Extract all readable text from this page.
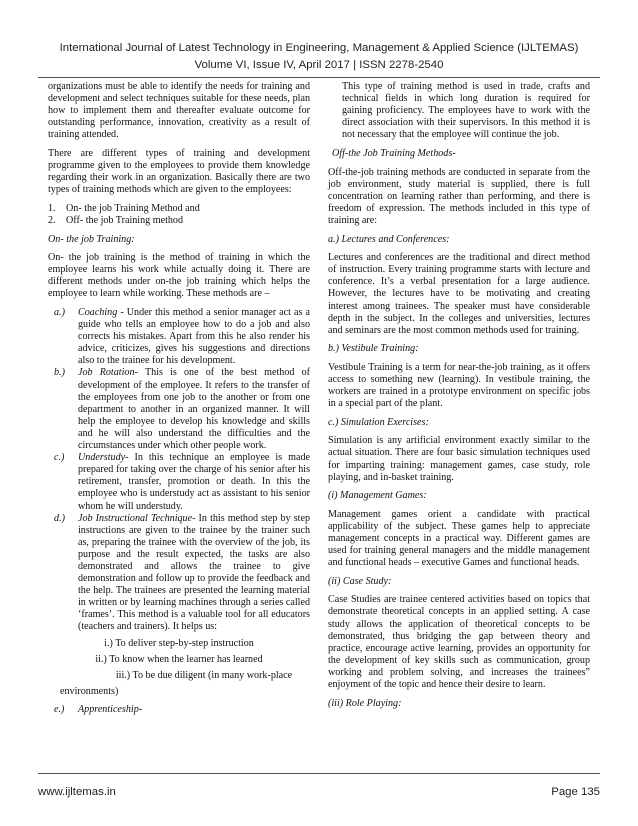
International Journal of Latest Technology in Engineering, Management & Applied Science (IJLTEMAS)
Volume VI, Issue IV, April 2017 | ISSN 2278-2540

organizations must be able to identify the needs for training and development and select techniques suitable for these needs, plan how to implement them and thereafter evaluate outcome for outstanding performance, innovation, creativity as a result of training attended.

There are different types of training and development programme given to the employees to provide them knowledge regarding their work in an organization. Basically there are two types of training methods which are given to the employees:

1.	On- the job Training Method and
2.	Off- the job Training method
On- the job Training:

On- the job training is the method of training in which the employee learns his work while actually doing it. There are different methods under on-the job training which helps the employee to learn while working. These methods are –

a.)	Coaching - Under this method a senior manager act as a guide who tells an employee how to do a job and also corrects his mistakes. Apart from this he also render his advice, criticizes, gives his suggestions and directions also to the trainee for his development.
b.)	Job Rotation- This is one of the best method of development of the employee. It refers to the transfer of the employees from one job to the another or from one department to another in an organized manner. It will help the employee to develop his knowledge and skills and he will also understand the difficulties and the circumstances under which other people work.
c.)	Understudy- In this technique an employee is made prepared for taking over the charge of his senior after his retirement, transfer, promotion or death. In this the employee who is understudy act as assistant to his senior whom he will understudy.
d.)	Job Instructional Technique- In this method step by step instructions are given to the trainee by the trainer such as, preparing the trainee with the overview of the job, its purpose and the result expected, the tasks are also demonstrated and allows the trainee to give demonstration and follow up to provide the feedback and the help. The trainees are presented the learning material in written or by learning machines through a series called ‘frames’. This method is a valuable tool for all educators (teachers and trainers). It helps us:
i.) To deliver step-by-step instruction
ii.) To know when the learner has learned
iii.) To be due diligent (in many work-place
environments)
e.)	Apprenticeship-

This type of training method is used in trade, crafts and technical fields in which long duration is required for gaining proficiency. The employees have to work with the direct association with their supervisors. In this method it is not necessary that the employee will continue the job.

Off-the Job Training Methods-

Off-the-job training methods are conducted in separate from the job environment, study material is supplied, there is full concentration on learning rather than performing, and there is freedom of expression. The methods included in this type of training are:

a.) Lectures and Conferences:

Lectures and conferences are the traditional and direct method of instruction. Every training programme starts with lecture and conference. It’s a verbal presentation for a large audience. However, the lectures have to be motivating and creating interest among trainees. The speaker must have considerable depth in the subject. In the colleges and universities, lectures and seminars are the most common methods used for training.

b.) Vestibule Training:

Vestibule Training is a term for near-the-job training, as it offers access to something new (learning). In vestibule training, the workers are trained in a prototype environment on specific jobs in a special part of the plant.

c.) Simulation Exercises:

Simulation is any artificial environment exactly similar to the actual situation. There are four basic simulation techniques used for imparting training: management games, case study, role playing, and in-basket training.

(i) Management Games:

Management games orient a candidate with practical applicability of the subject. These games help to appreciate management concepts in a practical way. Different games are used for training general managers and the middle management and functional heads – executive Games and functional heads.

(ii) Case Study:

Case Studies are trainee centered activities based on topics that demonstrate theoretical concepts in an applied setting. A case study allows the application of theoretical concepts to be demonstrated, thus bridging the gap between theory and practice, encourage active learning, provides an opportunity for the development of key skills such as communication, group working and problem solving, and increases the trainees” enjoyment of the topic and hence their desire to learn.

(iii) Role Playing:
www.ijltemas.in	Page 135
